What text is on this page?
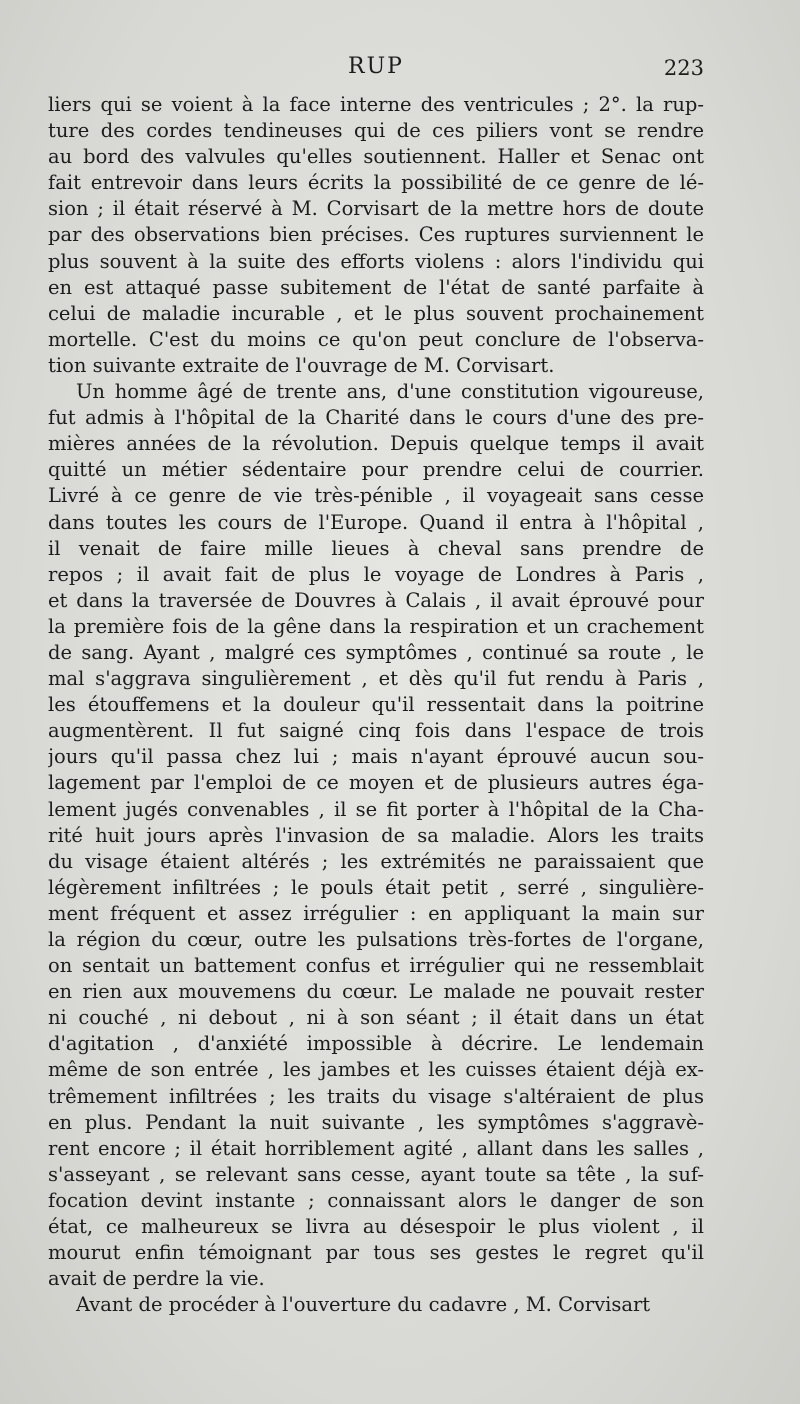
RUP	223
liers qui se voient à la face interne des ventricules ; 2°. la rup-
ture des cordes tendineuses qui de ces piliers vont se rendre
au bord des valvules qu'elles soutiennent. Haller et Senac ont
fait entrevoir dans leurs écrits la possibilité de ce genre de lé-
sion ; il était réservé à M. Corvisart de la mettre hors de doute
par des observations bien précises. Ces ruptures surviennent le
plus souvent à la suite des efforts violens : alors l'individu qui
en est attaqué passe subitement de l'état de santé parfaite à
celui de maladie incurable , et le plus souvent prochainement
mortelle. C'est du moins ce qu'on peut conclure de l'observa-
tion suivante extraite de l'ouvrage de M. Corvisart.
Un homme âgé de trente ans, d'une constitution vigoureuse,
fut admis à l'hôpital de la Charité dans le cours d'une des pre-
mières années de la révolution. Depuis quelque temps il avait
quitté un métier sédentaire pour prendre celui de courrier.
Livré à ce genre de vie très-pénible , il voyageait sans cesse
dans toutes les cours de l'Europe. Quand il entra à l'hôpital ,
il venait de faire mille lieues à cheval sans prendre de
repos ; il avait fait de plus le voyage de Londres à Paris ,
et dans la traversée de Douvres à Calais , il avait éprouvé pour
la première fois de la gêne dans la respiration et un crachement
de sang. Ayant , malgré ces symptômes , continué sa route , le
mal s'aggrava singulièrement , et dès qu'il fut rendu à Paris ,
les étouffemens et la douleur qu'il ressentait dans la poitrine
augmentèrent. Il fut saigné cinq fois dans l'espace de trois
jours qu'il passa chez lui ; mais n'ayant éprouvé aucun sou-
lagement par l'emploi de ce moyen et de plusieurs autres éga-
lement jugés convenables , il se fit porter à l'hôpital de la Cha-
rité huit jours après l'invasion de sa maladie. Alors les traits
du visage étaient altérés ; les extrémités ne paraissaient que
légèrement infiltrées ; le pouls était petit , serré , singulière-
ment fréquent et assez irrégulier : en appliquant la main sur
la région du cœur, outre les pulsations très-fortes de l'organe,
on sentait un battement confus et irrégulier qui ne ressemblait
en rien aux mouvemens du cœur. Le malade ne pouvait rester
ni couché , ni debout , ni à son séant ; il était dans un état
d'agitation , d'anxiété impossible à décrire. Le lendemain
même de son entrée , les jambes et les cuisses étaient déjà ex-
trêmement infiltrées ; les traits du visage s'altéraient de plus
en plus. Pendant la nuit suivante , les symptômes s'aggravè-
rent encore ; il était horriblement agité , allant dans les salles ,
s'asseyant , se relevant sans cesse, ayant toute sa tête , la suf-
focation devint instante ; connaissant alors le danger de son
état, ce malheureux se livra au désespoir le plus violent , il
mourut enfin témoignant par tous ses gestes le regret qu'il
avait de perdre la vie.
Avant de procéder à l'ouverture du cadavre , M. Corvisart
